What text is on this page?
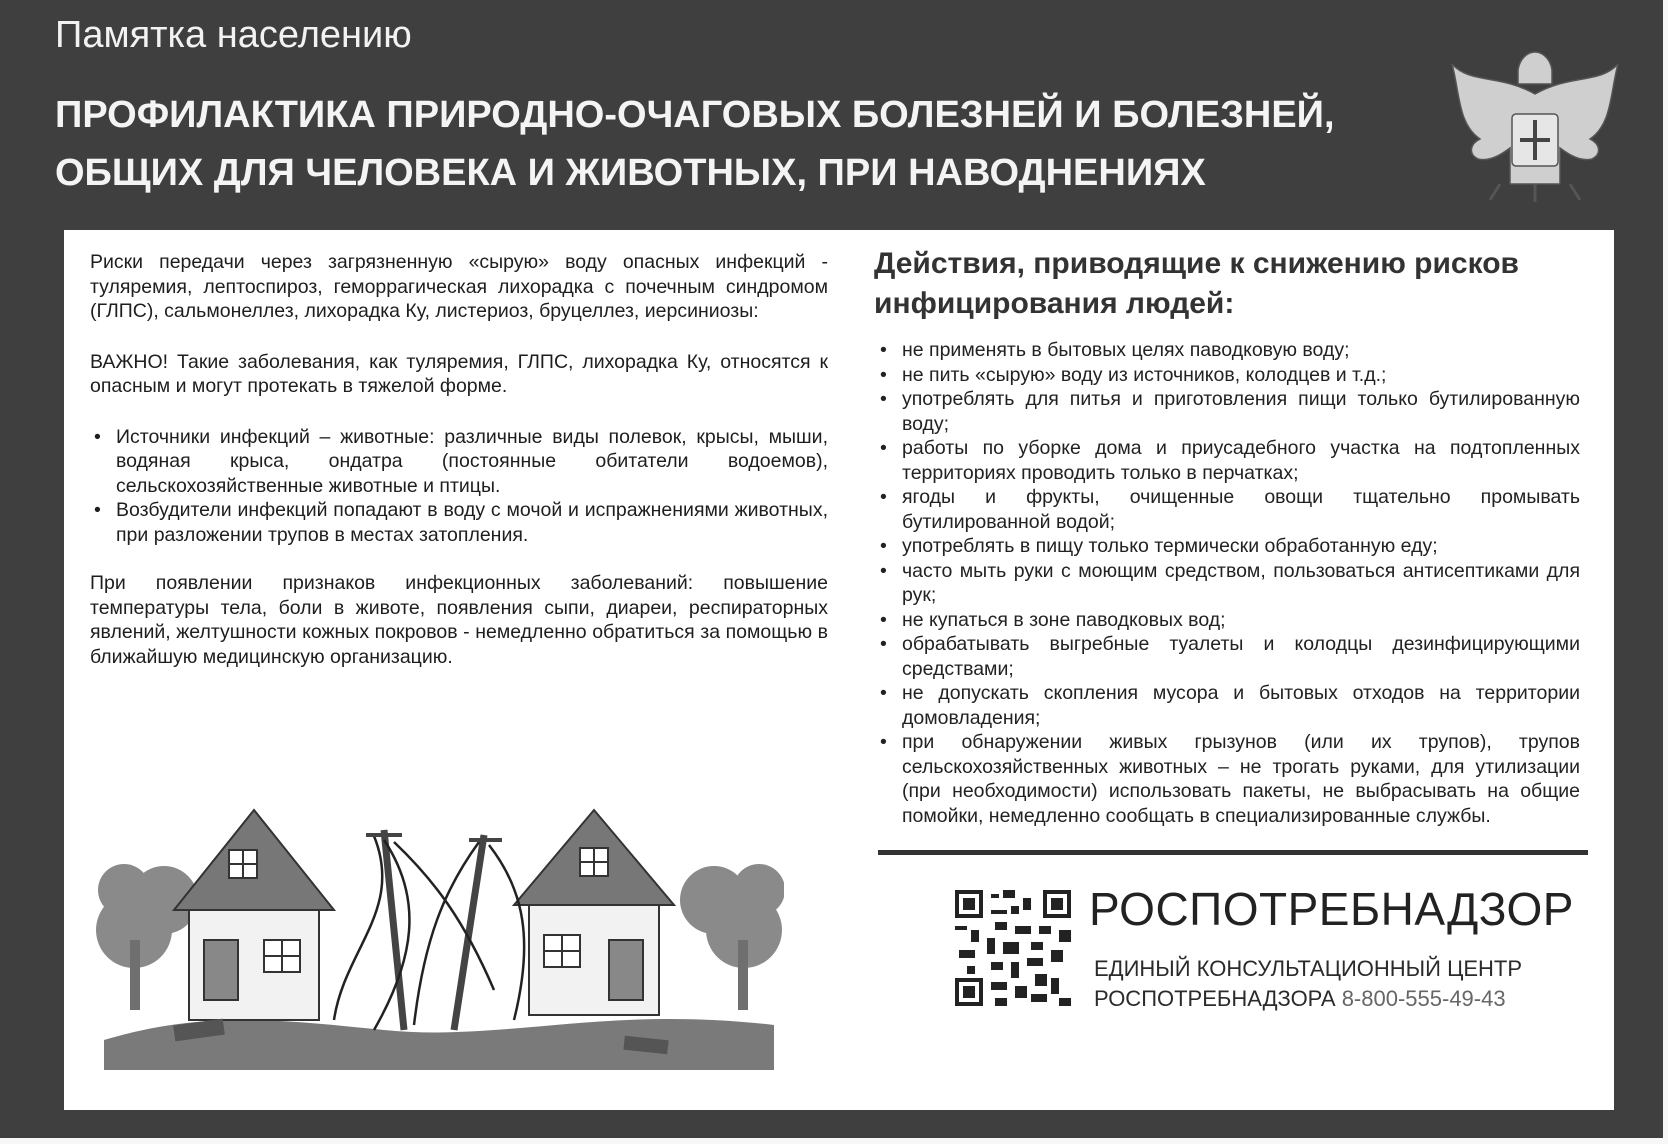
Памятка населению
ПРОФИЛАКТИКА ПРИРОДНО-ОЧАГОВЫХ БОЛЕЗНЕЙ И БОЛЕЗНЕЙ, ОБЩИХ ДЛЯ ЧЕЛОВЕКА И ЖИВОТНЫХ, ПРИ НАВОДНЕНИЯХ

Риски передачи через загрязненную «сырую» воду опасных инфекций - туляремия, лептоспироз, геморрагическая лихорадка с почечным синдромом (ГЛПС), сальмонеллез, лихорадка Ку, листериоз, бруцеллез, иерсиниозы:

ВАЖНО! Такие заболевания, как туляремия, ГЛПС, лихорадка Ку, относятся к опасным и могут протекать в тяжелой форме.

• Источники инфекций – животные: различные виды полевок, крысы, мыши, водяная крыса, ондатра (постоянные обитатели водоемов), сельскохозяйственные животные и птицы.
• Возбудители инфекций попадают в воду с мочой и испражнениями животных, при разложении трупов в местах затопления.

При появлении признаков инфекционных заболеваний: повышение температуры тела, боли в животе, появления сыпи, диареи, респираторных явлений, желтушности кожных покровов - немедленно обратиться за помощью в ближайшую медицинскую организацию.

Действия, приводящие к снижению рисков инфицирования людей:
• не применять в бытовых целях паводковую воду;
• не пить «сырую» воду из источников, колодцев и т.д.;
• употреблять для питья и приготовления пищи только бутилированную воду;
• работы по уборке дома и приусадебного участка на подтопленных территориях проводить только в перчатках;
• ягоды и фрукты, очищенные овощи тщательно промывать бутилированной водой;
• употреблять в пищу только термически обработанную еду;
• часто мыть руки с моющим средством, пользоваться антисептиками для рук;
• не купаться в зоне паводковых вод;
• обрабатывать выгребные туалеты и колодцы дезинфицирующими средствами;
• не допускать скопления мусора и бытовых отходов на территории домовладения;
• при обнаружении живых грызунов (или их трупов), трупов сельскохозяйственных животных – не трогать руками, для утилизации (при необходимости) использовать пакеты, не выбрасывать на общие помойки, немедленно сообщать в специализированные службы.
РОСПОТРЕБНАДЗОР
ЕДИНЫЙ КОНСУЛЬТАЦИОННЫЙ ЦЕНТР
РОСПОТРЕБНАДЗОРА 8-800-555-49-43
